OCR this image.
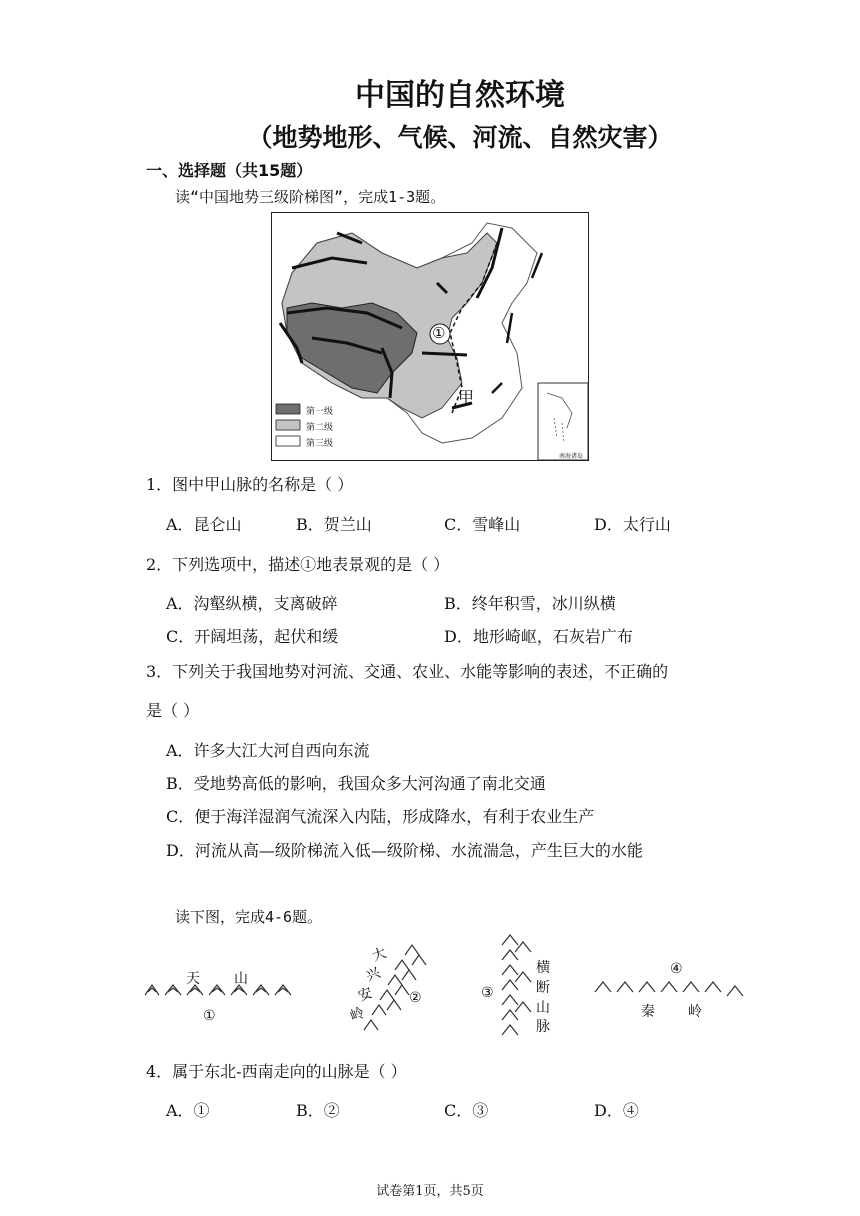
中国的自然环境
（地势地形、气候、河流、自然灾害）
一、选择题（共15题）
读“中国地势三级阶梯图”，完成1-3题。
第一级
第二级
第三级
①
甲
南海诸岛
1．图中甲山脉的名称是（ ）
A．昆仑山	B．贺兰山	C．雪峰山	D．太行山
2．下列选项中，描述①地表景观的是（ ）
A．沟壑纵横，支离破碎	B．终年积雪，冰川纵横
C．开阔坦荡，起伏和缓	D．地形崎岖，石灰岩广布
3．下列关于我国地势对河流、交通、农业、水能等影响的表述，不正确的
是（ ）
A．许多大江大河自西向东流
B．受地势高低的影响，我国众多大河沟通了南北交通
C．便于海洋湿润气流深入内陆，形成降水，有利于农业生产
D．河流从高—级阶梯流入低—级阶梯、水流湍急，产生巨大的水能
读下图，完成4-6题。
天 山
①
大
兴
安
岭
②	③
横
断
山
脉
④
秦 岭
4．属于东北-西南走向的山脉是（ ）
A．①	B．②	C．③	D．④
试卷第1页，共5页
